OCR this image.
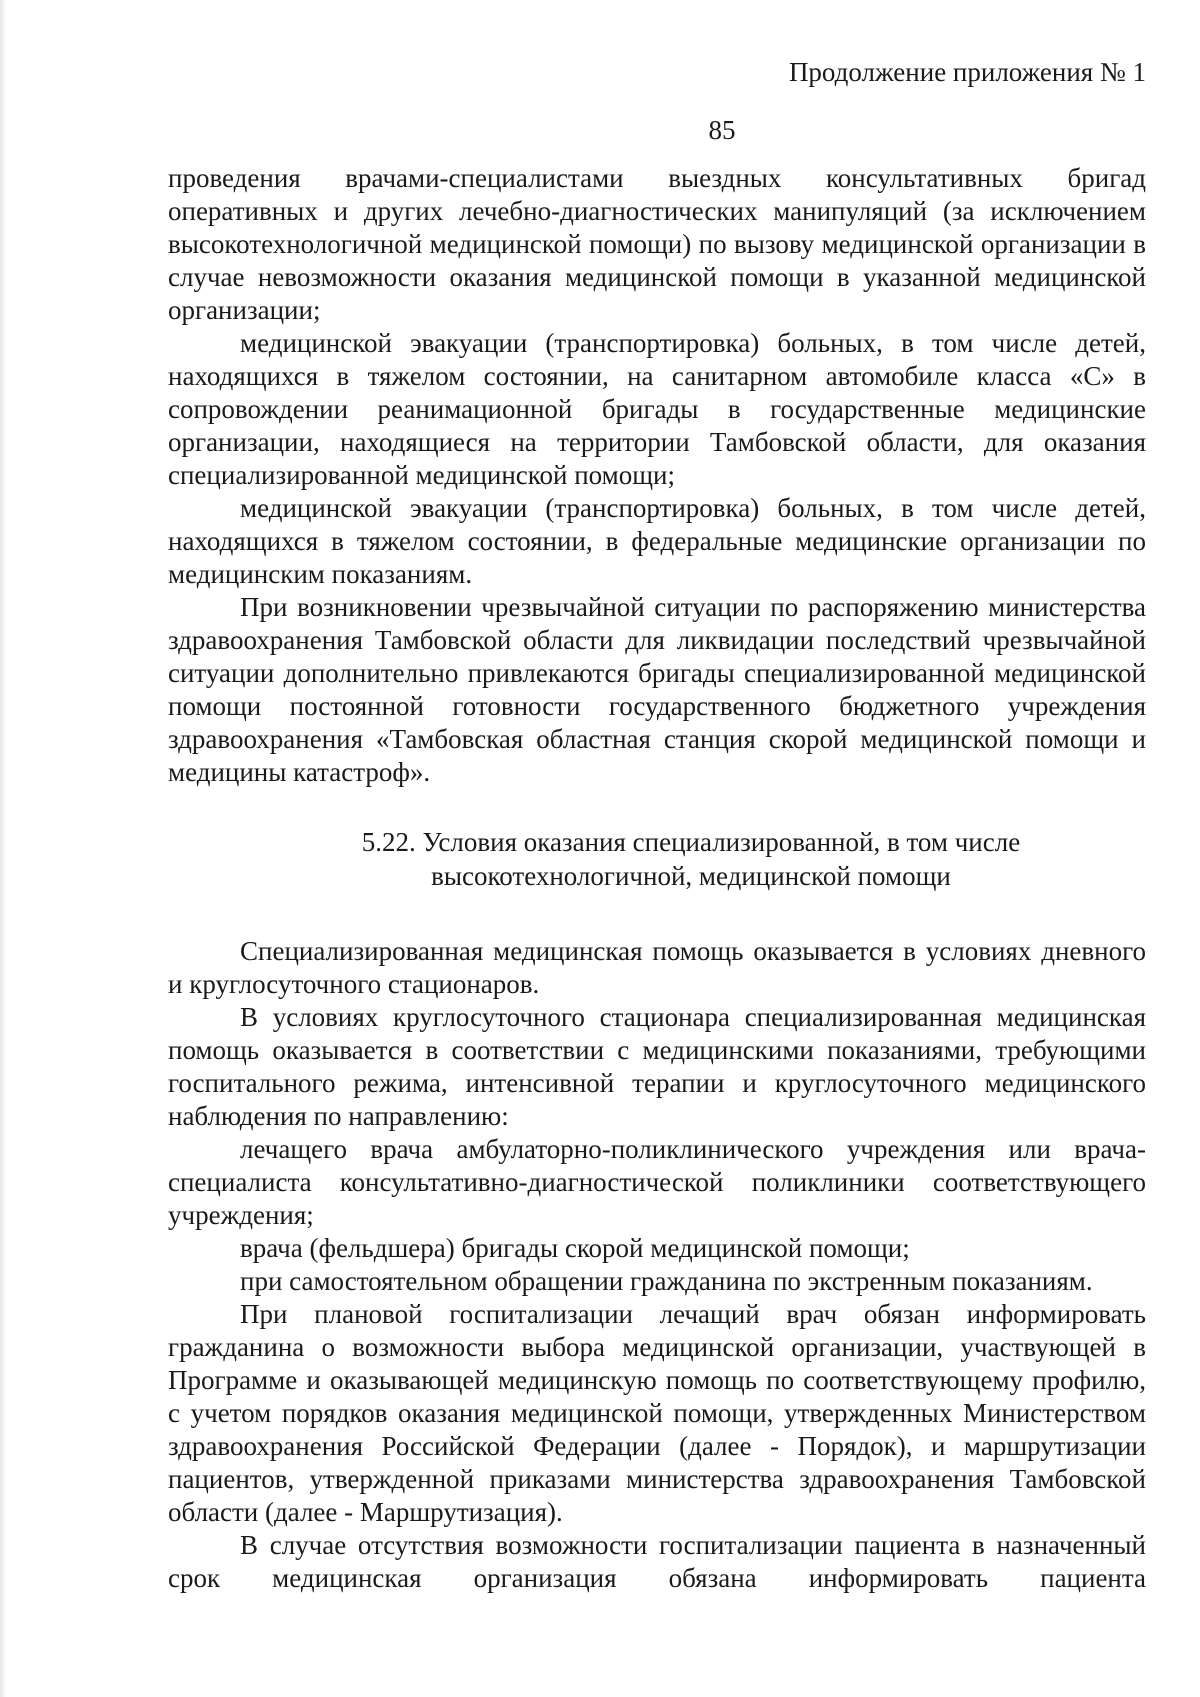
Продолжение приложения № 1
85

проведения врачами-специалистами выездных консультативных бригад оперативных и других лечебно-диагностических манипуляций (за исключением высокотехнологичной медицинской помощи) по вызову медицинской организации в случае невозможности оказания медицинской помощи в указанной медицинской организации;

медицинской эвакуации (транспортировка) больных, в том числе детей, находящихся в тяжелом состоянии, на санитарном автомобиле класса «С» в сопровождении реанимационной бригады в государственные медицинские организации, находящиеся на территории Тамбовской области, для оказания специализированной медицинской помощи;

медицинской эвакуации (транспортировка) больных, в том числе детей, находящихся в тяжелом состоянии, в федеральные медицинские организации по медицинским показаниям.

При возникновении чрезвычайной ситуации по распоряжению министерства здравоохранения Тамбовской области для ликвидации последствий чрезвычайной ситуации дополнительно привлекаются бригады специализированной медицинской помощи постоянной готовности государственного бюджетного учреждения здравоохранения «Тамбовская областная станция скорой медицинской помощи и медицины катастроф».

5.22. Условия оказания специализированной, в том числе
высокотехнологичной, медицинской помощи

Специализированная медицинская помощь оказывается в условиях дневного и круглосуточного стационаров.

В условиях круглосуточного стационара специализированная медицинская помощь оказывается в соответствии с медицинскими показаниями, требующими госпитального режима, интенсивной терапии и круглосуточного медицинского наблюдения по направлению:

лечащего врача амбулаторно-поликлинического учреждения или врача-специалиста консультативно-диагностической поликлиники соответствующего учреждения;

врача (фельдшера) бригады скорой медицинской помощи;

при самостоятельном обращении гражданина по экстренным показаниям.

При плановой госпитализации лечащий врач обязан информировать гражданина о возможности выбора медицинской организации, участвующей в Программе и оказывающей медицинскую помощь по соответствующему профилю, с учетом порядков оказания медицинской помощи, утвержденных Министерством здравоохранения Российской Федерации (далее - Порядок), и маршрутизации пациентов, утвержденной приказами министерства здравоохранения Тамбовской области (далее - Маршрутизация).

В случае отсутствия возможности госпитализации пациента в назначенный срок медицинская организация обязана информировать пациента
